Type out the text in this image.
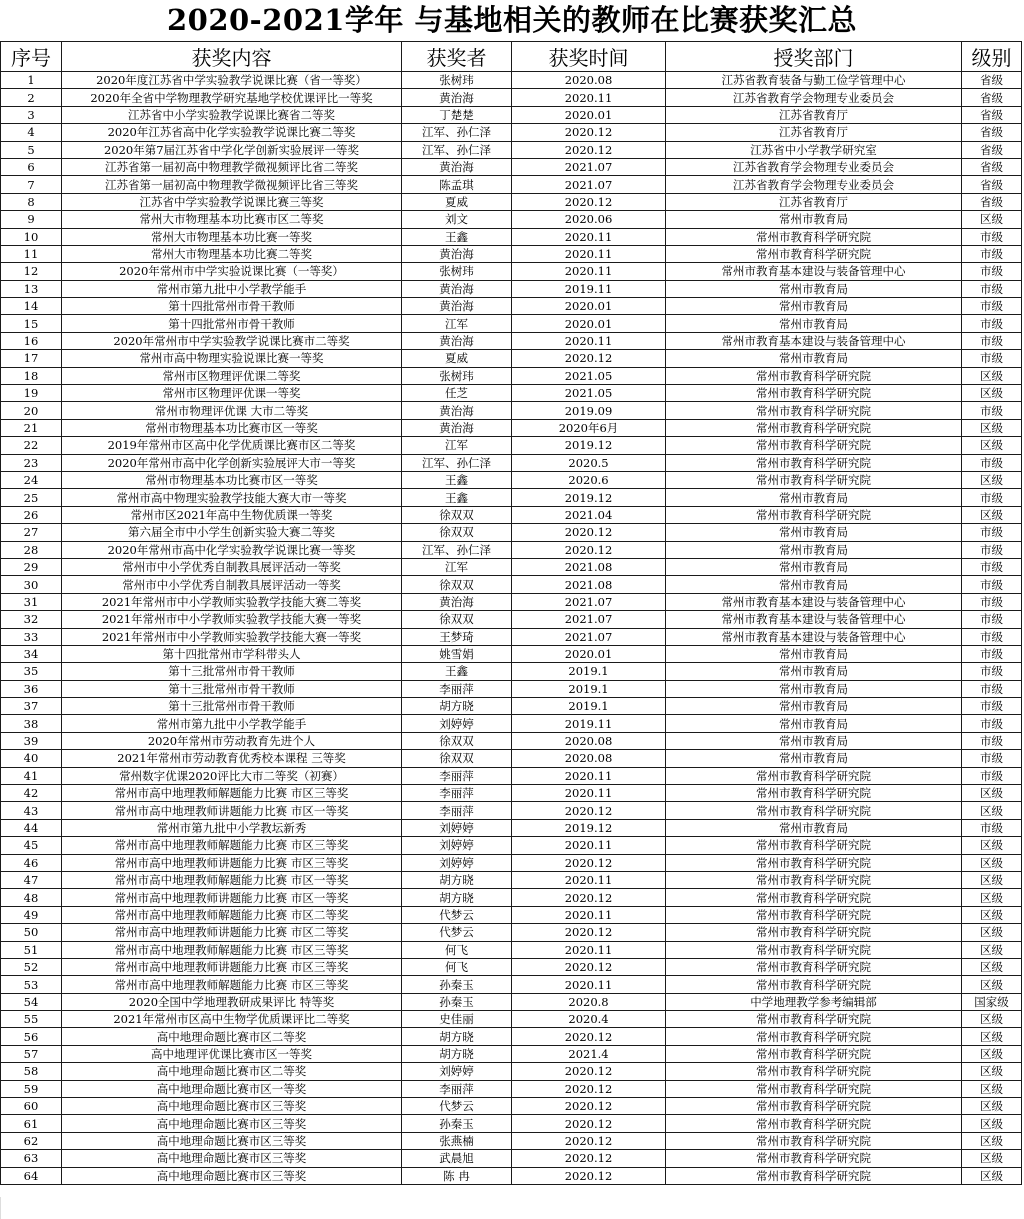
2020-2021学年 与基地相关的教师在比赛获奖汇总
序号	获奖内容	获奖者	获奖时间	授奖部门	级别
1	2020年度江苏省中学实验教学说课比赛（省一等奖）	张树玮	2020.08	江苏省教育装备与勤工俭学管理中心	省级
2	2020年全省中学物理教学研究基地学校优课评比一等奖	黄治海	2020.11	江苏省教育学会物理专业委员会	省级
3	江苏省中小学实验教学说课比赛省二等奖	丁楚楚	2020.01	江苏省教育厅	省级
4	2020年江苏省高中化学实验教学说课比赛二等奖	江军、孙仁泽	2020.12	江苏省教育厅	省级
5	2020年第7届江苏省中学化学创新实验展评一等奖	江军、孙仁泽	2020.12	江苏省中小学教学研究室	省级
6	江苏省第一届初高中物理教学微视频评比省二等奖	黄治海	2021.07	江苏省教育学会物理专业委员会	省级
7	江苏省第一届初高中物理教学微视频评比省三等奖	陈孟琪	2021.07	江苏省教育学会物理专业委员会	省级
8	江苏省中学实验教学说课比赛三等奖	夏威	2020.12	江苏省教育厅	省级
9	常州大市物理基本功比赛市区二等奖	刘文	2020.06	常州市教育局	区级
10	常州大市物理基本功比赛一等奖	王鑫	2020.11	常州市教育科学研究院	市级
11	常州大市物理基本功比赛二等奖	黄治海	2020.11	常州市教育科学研究院	市级
12	2020年常州市中学实验说课比赛（一等奖）	张树玮	2020.11	常州市教育基本建设与装备管理中心	市级
13	常州市第九批中小学教学能手	黄治海	2019.11	常州市教育局	市级
14	第十四批常州市骨干教师	黄治海	2020.01	常州市教育局	市级
15	第十四批常州市骨干教师	江军	2020.01	常州市教育局	市级
16	2020年常州市中学实验教学说课比赛市二等奖	黄治海	2020.11	常州市教育基本建设与装备管理中心	市级
17	常州市高中物理实验说课比赛一等奖	夏威	2020.12	常州市教育局	市级
18	常州市区物理评优课二等奖	张树玮	2021.05	常州市教育科学研究院	区级
19	常州市区物理评优课一等奖	任芝	2021.05	常州市教育科学研究院	区级
20	常州市物理评优课 大市二等奖	黄治海	2019.09	常州市教育科学研究院	市级
21	常州市物理基本功比赛市区一等奖	黄治海	2020年6月	常州市教育科学研究院	区级
22	2019年常州市区高中化学优质课比赛市区二等奖	江军	2019.12	常州市教育科学研究院	区级
23	2020年常州市高中化学创新实验展评大市一等奖	江军、孙仁泽	2020.5	常州市教育科学研究院	市级
24	常州市物理基本功比赛市区一等奖	王鑫	2020.6	常州市教育科学研究院	区级
25	常州市高中物理实验教学技能大赛大市一等奖	王鑫	2019.12	常州市教育局	市级
26	常州市区2021年高中生物优质课一等奖	徐双双	2021.04	常州市教育科学研究院	区级
27	第六届全市中小学生创新实验大赛二等奖	徐双双	2020.12	常州市教育局	市级
28	2020年常州市高中化学实验教学说课比赛一等奖	江军、孙仁泽	2020.12	常州市教育局	市级
29	常州市中小学优秀自制教具展评活动一等奖	江军	2021.08	常州市教育局	市级
30	常州市中小学优秀自制教具展评活动一等奖	徐双双	2021.08	常州市教育局	市级
31	2021年常州市中小学教师实验教学技能大赛二等奖	黄治海	2021.07	常州市教育基本建设与装备管理中心	市级
32	2021年常州市中小学教师实验教学技能大赛一等奖	徐双双	2021.07	常州市教育基本建设与装备管理中心	市级
33	2021年常州市中小学教师实验教学技能大赛一等奖	王梦琦	2021.07	常州市教育基本建设与装备管理中心	市级
34	第十四批常州市学科带头人	姚雪娟	2020.01	常州市教育局	市级
35	第十三批常州市骨干教师	王鑫	2019.1	常州市教育局	市级
36	第十三批常州市骨干教师	李丽萍	2019.1	常州市教育局	市级
37	第十三批常州市骨干教师	胡方晓	2019.1	常州市教育局	市级
38	常州市第九批中小学教学能手	刘婷婷	2019.11	常州市教育局	市级
39	2020年常州市劳动教育先进个人	徐双双	2020.08	常州市教育局	市级
40	2021年常州市劳动教育优秀校本课程 三等奖	徐双双	2020.08	常州市教育局	市级
41	常州数字优课2020评比大市二等奖（初赛）	李丽萍	2020.11	常州市教育科学研究院	市级
42	常州市高中地理教师解题能力比赛 市区三等奖	李丽萍	2020.11	常州市教育科学研究院	区级
43	常州市高中地理教师讲题能力比赛 市区一等奖	李丽萍	2020.12	常州市教育科学研究院	区级
44	常州市第九批中小学教坛新秀	刘婷婷	2019.12	常州市教育局	市级
45	常州市高中地理教师解题能力比赛 市区三等奖	刘婷婷	2020.11	常州市教育科学研究院	区级
46	常州市高中地理教师讲题能力比赛 市区三等奖	刘婷婷	2020.12	常州市教育科学研究院	区级
47	常州市高中地理教师解题能力比赛 市区一等奖	胡方晓	2020.11	常州市教育科学研究院	区级
48	常州市高中地理教师讲题能力比赛 市区一等奖	胡方晓	2020.12	常州市教育科学研究院	区级
49	常州市高中地理教师解题能力比赛 市区二等奖	代梦云	2020.11	常州市教育科学研究院	区级
50	常州市高中地理教师讲题能力比赛 市区二等奖	代梦云	2020.12	常州市教育科学研究院	区级
51	常州市高中地理教师解题能力比赛 市区三等奖	何飞	2020.11	常州市教育科学研究院	区级
52	常州市高中地理教师讲题能力比赛 市区三等奖	何飞	2020.12	常州市教育科学研究院	区级
53	常州市高中地理教师解题能力比赛 市区三等奖	孙秦玉	2020.11	常州市教育科学研究院	区级
54	2020全国中学地理教研成果评比 特等奖	孙秦玉	2020.8	中学地理教学参考编辑部	国家级
55	2021年常州市区高中生物学优质课评比二等奖	史佳丽	2020.4	常州市教育科学研究院	区级
56	高中地理命题比赛市区二等奖	胡方晓	2020.12	常州市教育科学研究院	区级
57	高中地理评优课比赛市区一等奖	胡方晓	2021.4	常州市教育科学研究院	区级
58	高中地理命题比赛市区二等奖	刘婷婷	2020.12	常州市教育科学研究院	区级
59	高中地理命题比赛市区一等奖	李丽萍	2020.12	常州市教育科学研究院	区级
60	高中地理命题比赛市区三等奖	代梦云	2020.12	常州市教育科学研究院	区级
61	高中地理命题比赛市区三等奖	孙秦玉	2020.12	常州市教育科学研究院	区级
62	高中地理命题比赛市区三等奖	张燕楠	2020.12	常州市教育科学研究院	区级
63	高中地理命题比赛市区三等奖	武晨旭	2020.12	常州市教育科学研究院	区级
64	高中地理命题比赛市区三等奖	陈 冉	2020.12	常州市教育科学研究院	区级
